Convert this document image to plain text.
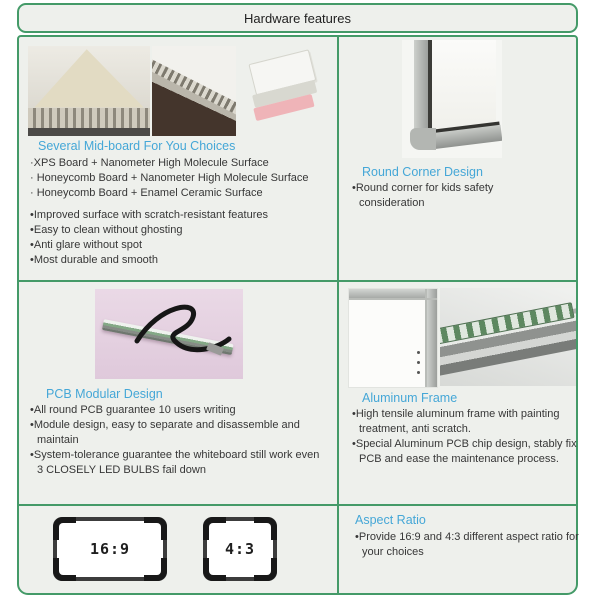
Hardware features
Several Mid-board For You Choices
·XPS Board + Nanometer High Molecule Surface
· Honeycomb Board + Nanometer High Molecule Surface
· Honeycomb Board + Enamel Ceramic Surface
•Improved surface with scratch-resistant features
•Easy to clean without ghosting
•Anti glare without spot
•Most durable and smooth
Round Corner Design
•Round corner for kids safety consideration
PCB Modular Design
•All round PCB guarantee 10 users writing
•Module design, easy to separate and disassemble and maintain
•System-tolerance guarantee the whiteboard still work even 3 CLOSELY LED BULBS fail down
Aluminum Frame
•High tensile aluminum frame with painting treatment, anti scratch.
•Special Aluminum PCB chip design, stably fix PCB and ease the maintenance process.
16:9	4:3
Aspect Ratio
•Provide 16:9 and 4:3 different aspect ratio for your choices
